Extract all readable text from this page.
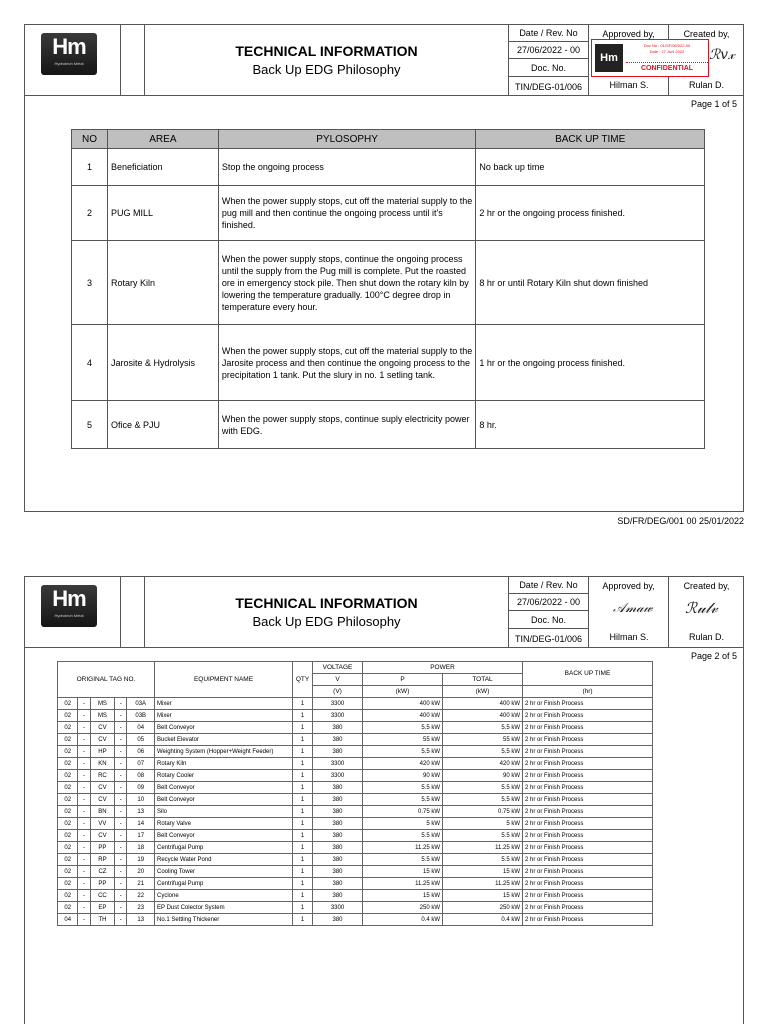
Hm
Hydrotech Metal
TECHNICAL INFORMATION
Back Up EDG Philosophy
Date / Rev. No
27/06/2022 - 00
Doc. No.
TIN/DEG-01/006
Approved by,
Hilman S.
Created by,
Rulan D.
ℛv𝓍
Hm
Doc No : 01/SF/06/022-00
Date : 27 Juni 2022
CONFIDENTIAL
Page 1 of 5
NO	AREA	PYLOSOPHY	BACK UP TIME
1	Beneficiation	Stop the ongoing process	No back up time
2	PUG MILL	When the power supply stops, cut off the material supply to the pug mill and then continue the ongoing process until it's finished.	2 hr or the ongoing process finished.
3	Rotary Kiln	When the power supply stops, continue the ongoing process until the supply from the Pug mill is complete. Put the roasted ore in emergency stock pile. Then shut down the rotary kiln by lowering the temperature gradually. 100°C degree drop in temperature every hour.	8 hr or until Rotary Kiln shut down finished
4	Jarosite & Hydrolysis	When the power supply stops, cut off the material supply to the Jarosite process and then continue the ongoing process to the precipitation 1 tank. Put the slury in no. 1 setling tank.	1 hr or the ongoing process finished.
5	Ofice & PJU	When the power supply stops, continue suply electricity power with EDG.	8 hr.
SD/FR/DEG/001 00 25/01/2022
Hm
Hydrotech Metal
TECHNICAL INFORMATION
Back Up EDG Philosophy
Date / Rev. No
27/06/2022 - 00
Doc. No.
TIN/DEG-01/006
Approved by,
𝒜𝓂𝒶𝓌
Hilman S.
Created by,
ℛ𝓊𝓁𝓋
Rulan D.
Page 2 of 5
ORIGINAL TAG NO.					EQUIPMENT NAME	QTY	VOLTAGE	POWER		BACK UP TIME
							V	P	TOTAL	
							(V)	(kW)	(kW)	(hr)
02	-	MS	-	03A	Mixer	1	3300	400 kW	400 kW	2 hr or Finish Process
02	-	MS	-	03B	Mixer	1	3300	400 kW	400 kW	2 hr or Finish Process
02	-	CV	-	04	Belt Conveyor	1	380	5.5 kW	5.5 kW	2 hr or Finish Process
02	-	CV	-	05	Bucket Elevator	1	380	55 kW	55 kW	2 hr or Finish Process
02	-	HP	-	06	Weighting System (Hopper+Weight Feeder)	1	380	5.5 kW	5.5 kW	2 hr or Finish Process
02	-	KN	-	07	Rotary Kiln	1	3300	420 kW	420 kW	2 hr or Finish Process
02	-	RC	-	08	Rotary Cooler	1	3300	90 kW	90 kW	2 hr or Finish Process
02	-	CV	-	09	Belt Conveyor	1	380	5.5 kW	5.5 kW	2 hr or Finish Process
02	-	CV	-	10	Belt Conveyor	1	380	5.5 kW	5.5 kW	2 hr or Finish Process
02	-	BN	-	13	Silo	1	380	0.75 kW	0.75 kW	2 hr or Finish Process
02	-	VV	-	14	Rotary Valve	1	380	5 kW	5 kW	2 hr or Finish Process
02	-	CV	-	17	Belt Conveyor	1	380	5.5 kW	5.5 kW	2 hr or Finish Process
02	-	PP	-	18	Centrifugal Pump	1	380	11.25 kW	11.25 kW	2 hr or Finish Process
02	-	RP	-	19	Recycle Water Pond	1	380	5.5 kW	5.5 kW	2 hr or Finish Process
02	-	CZ	-	20	Cooling Tower	1	380	15 kW	15 kW	2 hr or Finish Process
02	-	PP	-	21	Centrifugal Pump	1	380	11.25 kW	11.25 kW	2 hr or Finish Process
02	-	CC	-	22	Cyclone	1	380	15 kW	15 kW	2 hr or Finish Process
02	-	EP	-	23	EP Dust Colector System	1	3300	250 kW	250 kW	2 hr or Finish Process
04	-	TH	-	13	No.1 Settling Thickener	1	380	0.4 kW	0.4 kW	2 hr or Finish Process
